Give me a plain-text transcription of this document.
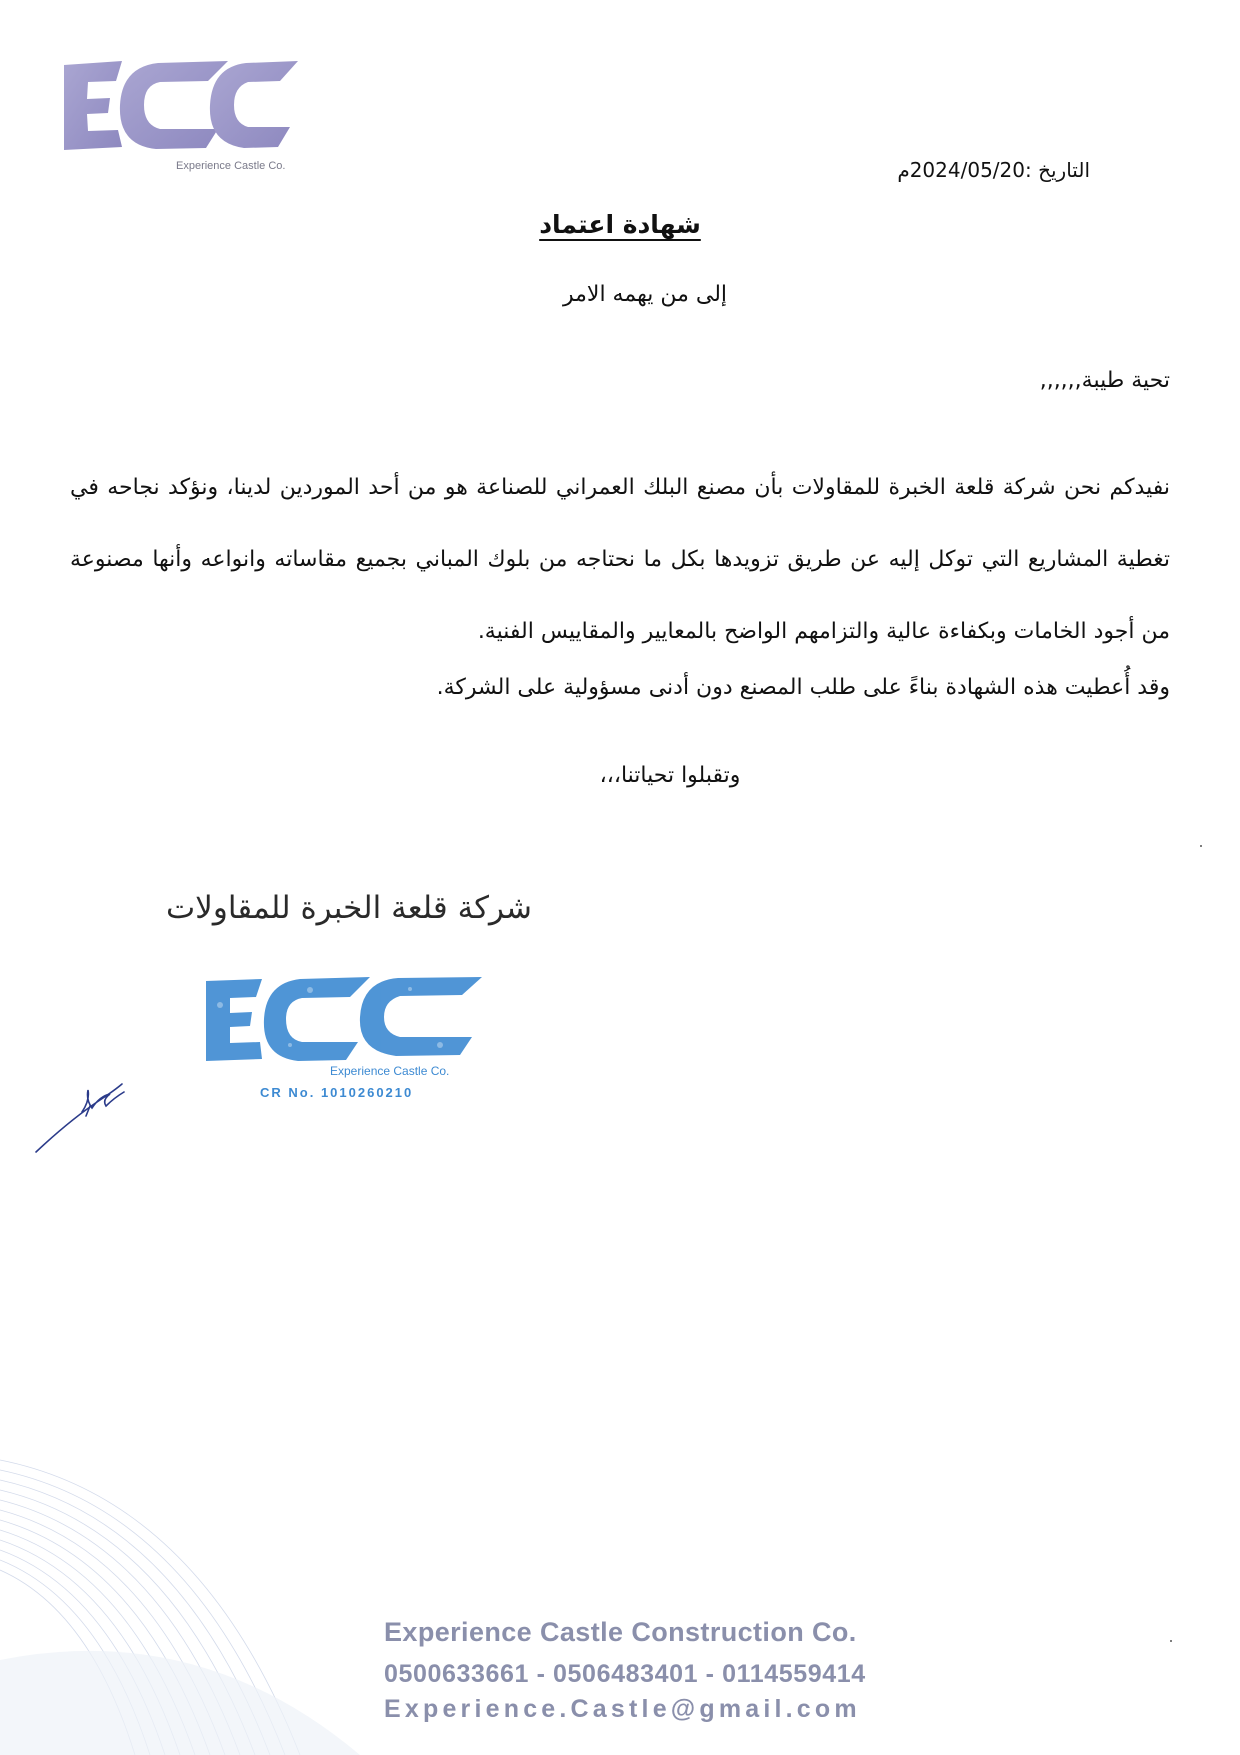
Experience Castle Co.	التاريخ :2024/05/20م
شهادة اعتماد
إلى من يهمه الامر
تحية طيبة,,,,,,
نفيدكم نحن شركة قلعة الخبرة للمقاولات بأن مصنع البلك العمراني للصناعة هو من أحد الموردين لدينا، ونؤكد نجاحه في تغطية المشاريع التي توكل إليه عن طريق تزويدها بكل ما نحتاجه من بلوك المباني بجميع مقاساته وانواعه وأنها مصنوعة من أجود الخامات وبكفاءة عالية والتزامهم الواضح بالمعايير والمقاييس الفنية.
وقد أُعطيت هذه الشهادة بناءً على طلب المصنع دون أدنى مسؤولية على الشركة.
وتقبلوا تحياتنا،،،
شركة قلعة الخبرة للمقاولات
Experience Castle Co.
CR No. 1010260210
Experience Castle Construction Co.
0500633661 - 0506483401 - 0114559414
Experience.Castle@gmail.com
